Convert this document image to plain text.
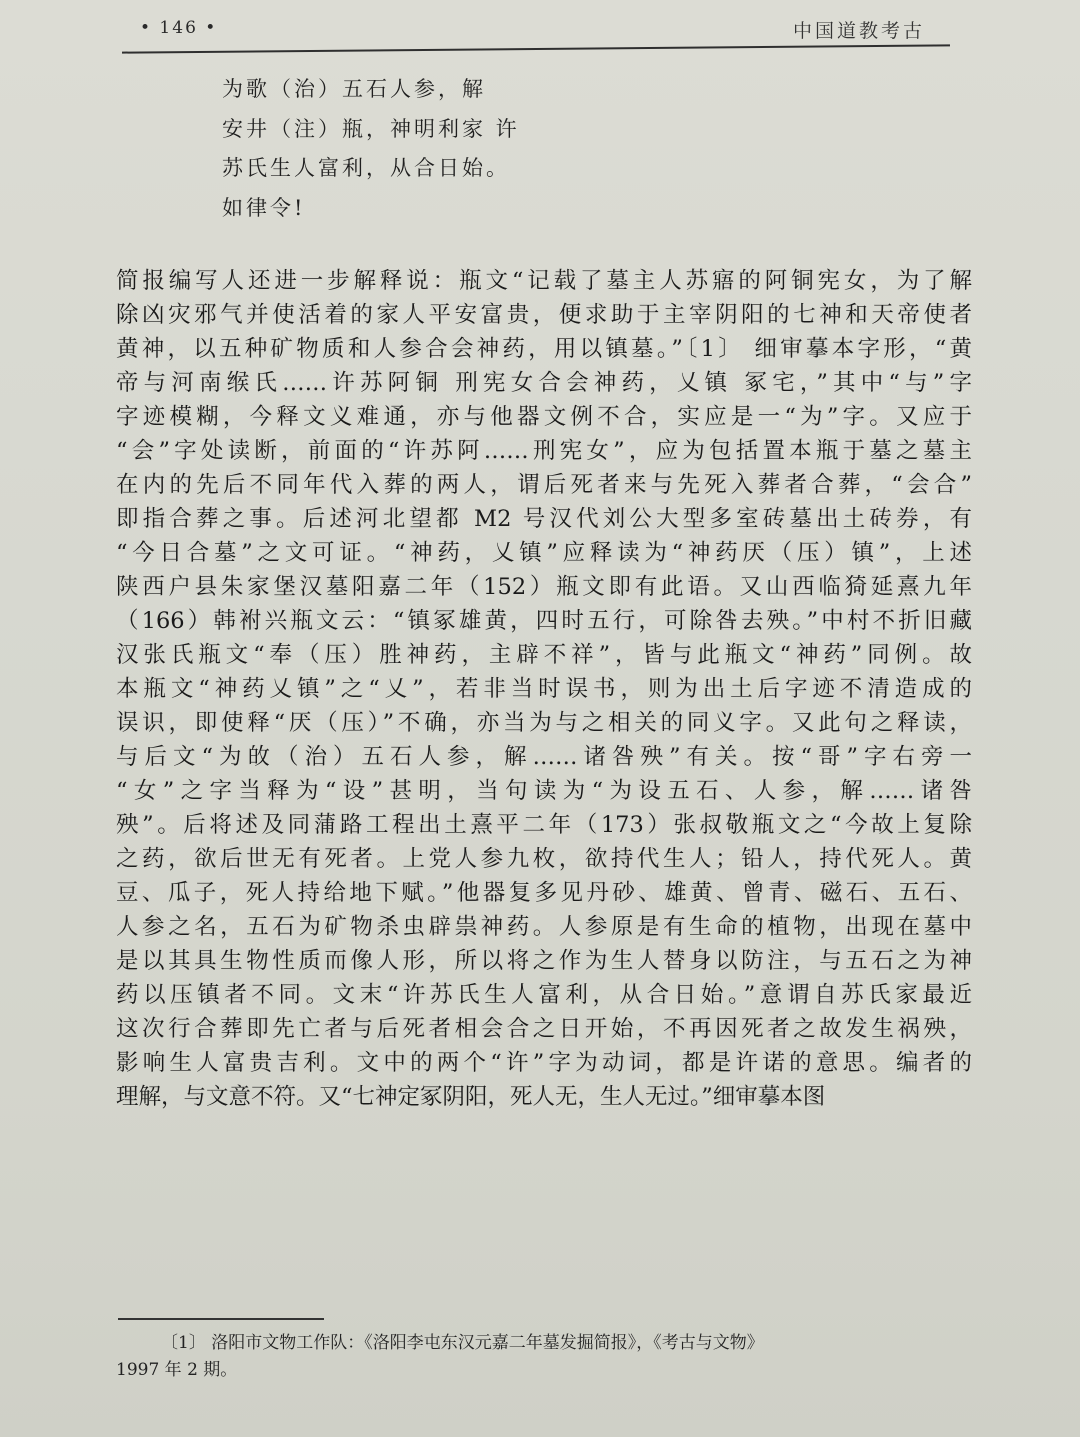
• 146 •	中国道教考古
为歌（治）五石人参，解
安井（注）瓶，神明利家 许
苏氏生人富利，从合日始。
如律令!
简报编写人还进一步解释说：瓶文“记载了墓主人苏寤的阿铜宪女，为了解
除凶灾邪气并使活着的家人平安富贵，便求助于主宰阴阳的七神和天帝使者
黄神，以五种矿物质和人参合会神药，用以镇墓。”〔1〕 细审摹本字形，“黄
帝与河南缑氏……许苏阿铜 刑宪女合会神药，乂镇 冢宅，”其中“与”字
字迹模糊，今释文义难通，亦与他器文例不合，实应是一“为”字。又应于
“会”字处读断，前面的“许苏阿……刑宪女”，应为包括置本瓶于墓之墓主
在内的先后不同年代入葬的两人，谓后死者来与先死入葬者合葬，“会合”
即指合葬之事。后述河北望都 M2 号汉代刘公大型多室砖墓出土砖券，有
“今日合墓”之文可证。“神药，乂镇”应释读为“神药厌（压）镇”，上述
陕西户县朱家堡汉墓阳嘉二年（152）瓶文即有此语。又山西临猗延熹九年
（166）韩袝兴瓶文云：“镇冢雄黄，四时五行，可除咎去殃。”中村不折旧藏
汉张氏瓶文“奉（压）胜神药，主辟不祥”，皆与此瓶文“神药”同例。故
本瓶文“神药乂镇”之“乂”，若非当时误书，则为出土后字迹不清造成的
误识，即使释“厌（压）”不确，亦当为与之相关的同义字。又此句之释读，
与后文“为敀（治）五石人参，解……诸咎殃”有关。按“哥”字右旁一
“女”之字当释为“设”甚明，当句读为“为设五石、人参，解……诸咎
殃”。后将述及同蒲路工程出土熹平二年（173）张叔敬瓶文之“今故上复除
之药，欲后世无有死者。上党人参九枚，欲持代生人；铅人，持代死人。黄
豆、瓜子，死人持给地下赋。”他器复多见丹砂、雄黄、曾青、磁石、五石、
人参之名，五石为矿物杀虫辟祟神药。人参原是有生命的植物，出现在墓中
是以其具生物性质而像人形，所以将之作为生人替身以防注，与五石之为神
药以压镇者不同。文末“许苏氏生人富利，从合日始。”意谓自苏氏家最近
这次行合葬即先亡者与后死者相会合之日开始，不再因死者之故发生祸殃，
影响生人富贵吉利。文中的两个“许”字为动词，都是许诺的意思。编者的
理解，与文意不符。又“七神定冢阴阳，死人无，生人无过。”细审摹本图
〔1〕 洛阳市文物工作队：《洛阳李屯东汉元嘉二年墓发掘简报》，《考古与文物》
1997 年 2 期。
